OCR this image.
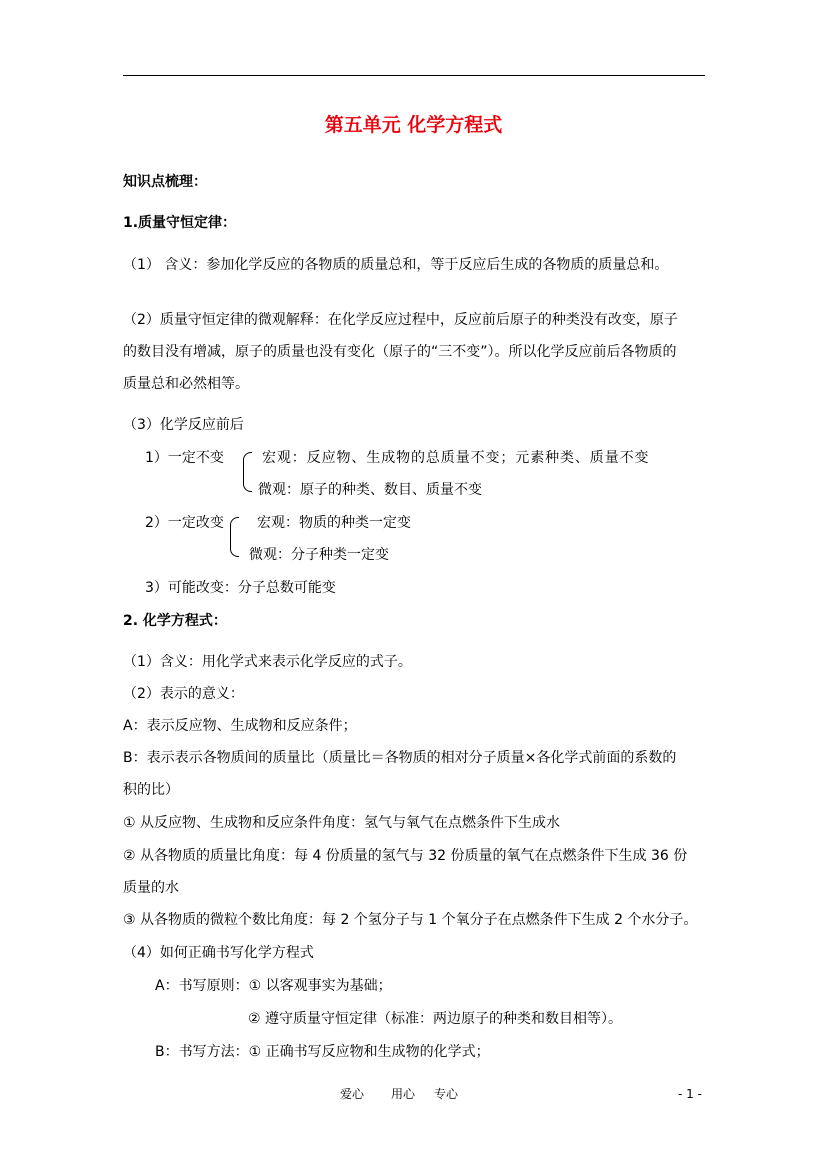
第五单元 化学方程式
知识点梳理：
1.质量守恒定律：
（1） 含义：参加化学反应的各物质的质量总和，等于反应后生成的各物质的质量总和。
（2）质量守恒定律的微观解释：在化学反应过程中，反应前后原子的种类没有改变，原子
的数目没有增减，原子的质量也没有变化（原子的“三不变”）。所以化学反应前后各物质的
质量总和必然相等。
（3）化学反应前后
1）一定不变	宏观：反应物、生成物的总质量不变；元素种类、质量不变
微观：原子的种类、数目、质量不变
2）一定改变 宏观：物质的种类一定变
微观：分子种类一定变
3）可能改变：分子总数可能变
2. 化学方程式：
（1）含义：用化学式来表示化学反应的式子。
（2）表示的意义：
A：表示反应物、生成物和反应条件；
B：表示表示各物质间的质量比（质量比＝各物质的相对分子质量×各化学式前面的系数的
积的比）
① 从反应物、生成物和反应条件角度：氢气与氧气在点燃条件下生成水
② 从各物质的质量比角度：每 4 份质量的氢气与 32 份质量的氧气在点燃条件下生成 36 份
质量的水
③ 从各物质的微粒个数比角度：每 2 个氢分子与 1 个氧分子在点燃条件下生成 2 个水分子。
（4）如何正确书写化学方程式
A：书写原则：① 以客观事实为基础；
② 遵守质量守恒定律（标准：两边原子的种类和数目相等）。
B：书写方法：① 正确书写反应物和生成物的化学式；
爱心 用心 专心	- 1 -
